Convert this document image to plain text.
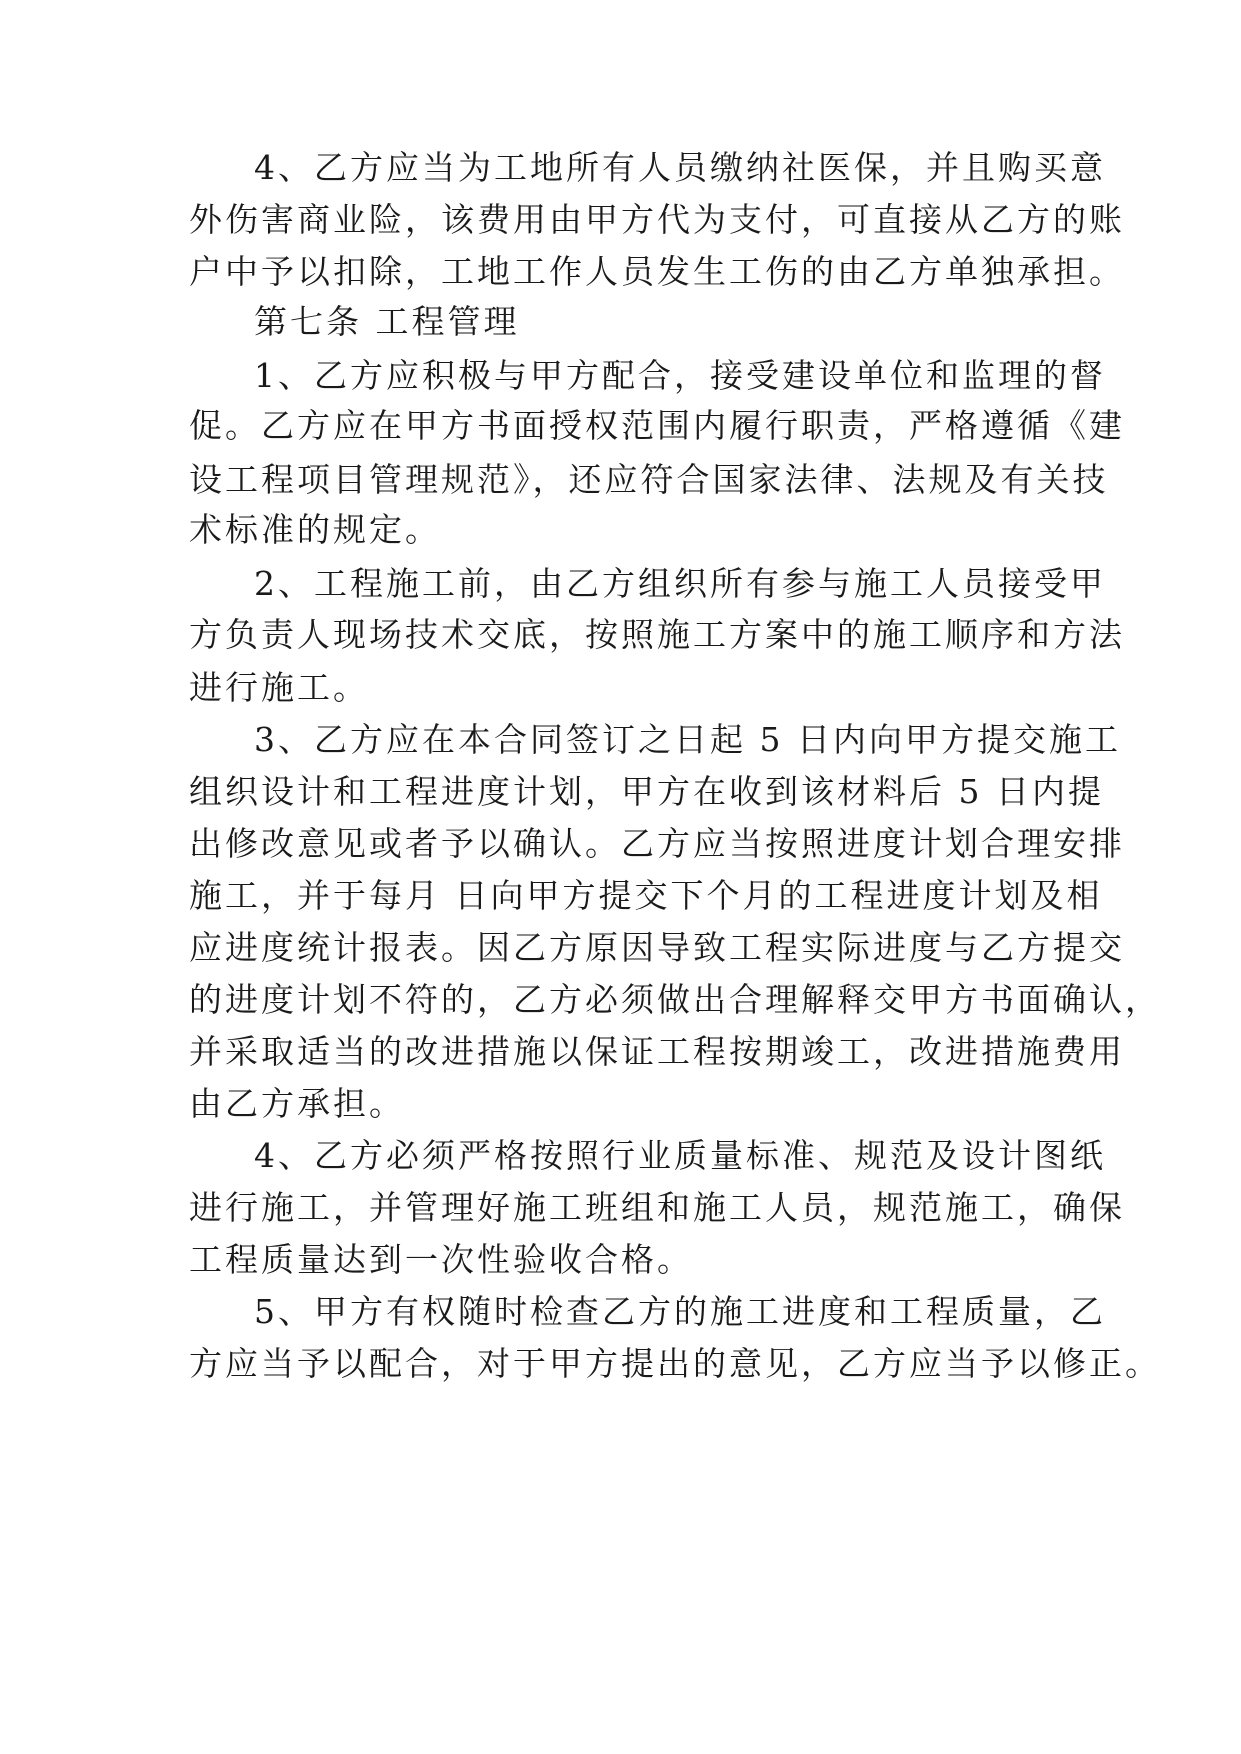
4、乙方应当为工地所有人员缴纳社医保，并且购买意
外伤害商业险，该费用由甲方代为支付，可直接从乙方的账
户中予以扣除，工地工作人员发生工伤的由乙方单独承担。
第七条 工程管理
1、乙方应积极与甲方配合，接受建设单位和监理的督
促。乙方应在甲方书面授权范围内履行职责，严格遵循《建
设工程项目管理规范》，还应符合国家法律、法规及有关技
术标准的规定。
2、工程施工前，由乙方组织所有参与施工人员接受甲
方负责人现场技术交底，按照施工方案中的施工顺序和方法
进行施工。
3、乙方应在本合同签订之日起 5 日内向甲方提交施工
组织设计和工程进度计划，甲方在收到该材料后 5 日内提
出修改意见或者予以确认。乙方应当按照进度计划合理安排
施工，并于每月 日向甲方提交下个月的工程进度计划及相
应进度统计报表。因乙方原因导致工程实际进度与乙方提交
的进度计划不符的，乙方必须做出合理解释交甲方书面确认，
并采取适当的改进措施以保证工程按期竣工，改进措施费用
由乙方承担。
4、乙方必须严格按照行业质量标准、规范及设计图纸
进行施工，并管理好施工班组和施工人员，规范施工，确保
工程质量达到一次性验收合格。
5、甲方有权随时检查乙方的施工进度和工程质量，乙
方应当予以配合，对于甲方提出的意见，乙方应当予以修正。
